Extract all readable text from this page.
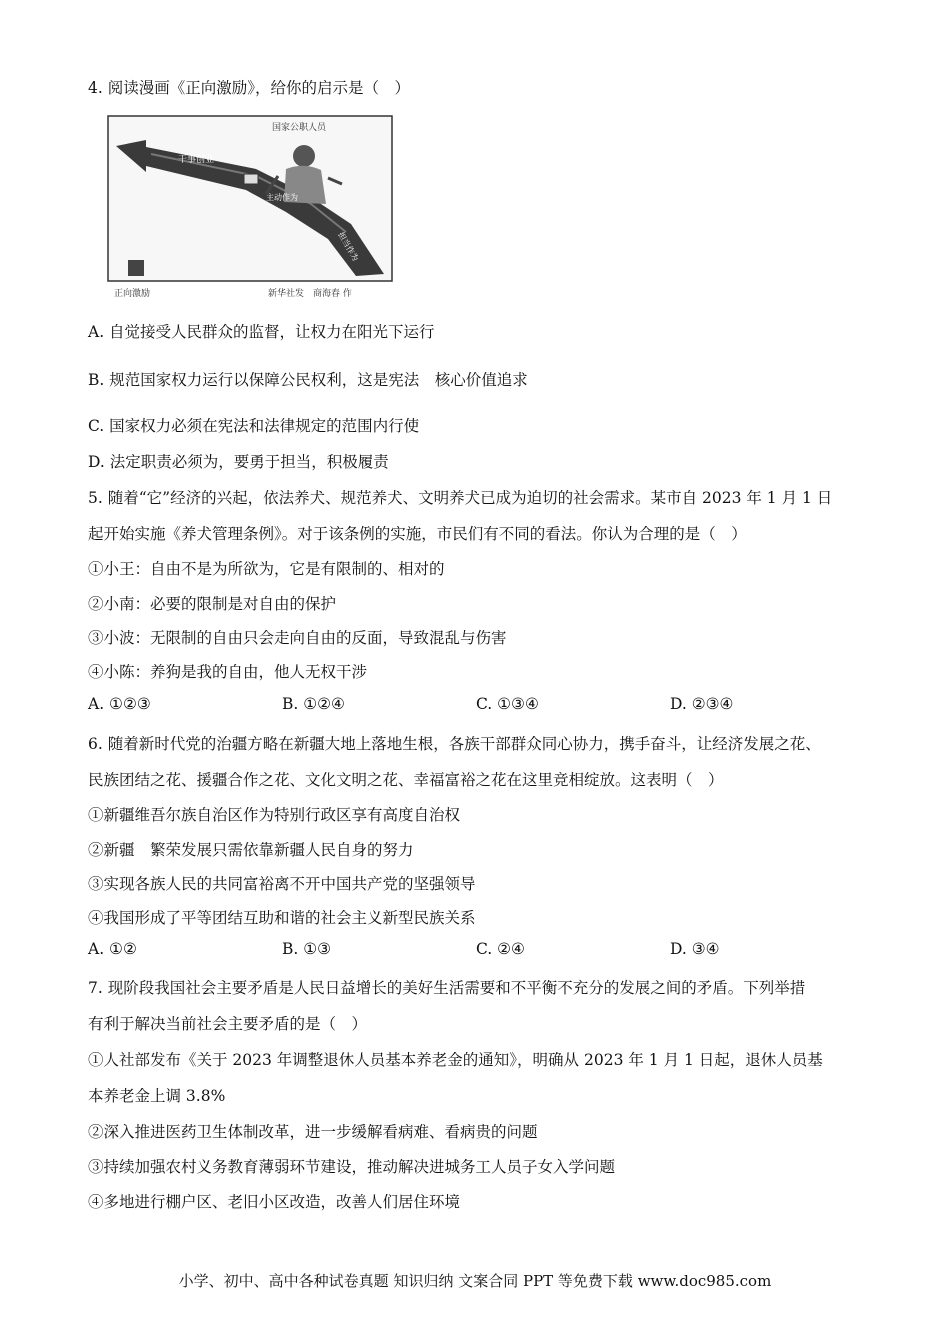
4. 阅读漫画《正向激励》，给你的启示是（　）
国家公职人员
干事创业
主动作为
担当作为
正向激励	新华社发　商海春 作
A. 自觉接受人民群众的监督，让权力在阳光下运行
B. 规范国家权力运行以保障公民权利，这是宪法　核心价值追求
C. 国家权力必须在宪法和法律规定的范围内行使
D. 法定职责必须为，要勇于担当，积极履责
5. 随着“它”经济的兴起，依法养犬、规范养犬、文明养犬已成为迫切的社会需求。某市自 2023 年 1 月 1 日
起开始实施《养犬管理条例》。对于该条例的实施，市民们有不同的看法。你认为合理的是（　）
①小王：自由不是为所欲为，它是有限制的、相对的
②小南：必要的限制是对自由的保护
③小波：无限制的自由只会走向自由的反面，导致混乱与伤害
④小陈：养狗是我的自由，他人无权干涉
A. ①②③	B. ①②④	C. ①③④	D. ②③④
6. 随着新时代党的治疆方略在新疆大地上落地生根，各族干部群众同心协力，携手奋斗，让经济发展之花、
民族团结之花、援疆合作之花、文化文明之花、幸福富裕之花在这里竞相绽放。这表明（　）
①新疆维吾尔族自治区作为特别行政区享有高度自治权
②新疆　繁荣发展只需依靠新疆人民自身的努力
③实现各族人民的共同富裕离不开中国共产党的坚强领导
④我国形成了平等团结互助和谐的社会主义新型民族关系
A. ①②	B. ①③	C. ②④	D. ③④
7. 现阶段我国社会主要矛盾是人民日益增长的美好生活需要和不平衡不充分的发展之间的矛盾。下列举措
有利于解决当前社会主要矛盾的是（　）
①人社部发布《关于 2023 年调整退休人员基本养老金的通知》，明确从 2023 年 1 月 1 日起，退休人员基
本养老金上调 3.8%
②深入推进医药卫生体制改革，进一步缓解看病难、看病贵的问题
③持续加强农村义务教育薄弱环节建设，推动解决进城务工人员子女入学问题
④多地进行棚户区、老旧小区改造，改善人们居住环境
小学、初中、高中各种试卷真题 知识归纳 文案合同 PPT 等免费下载 www.doc985.com
